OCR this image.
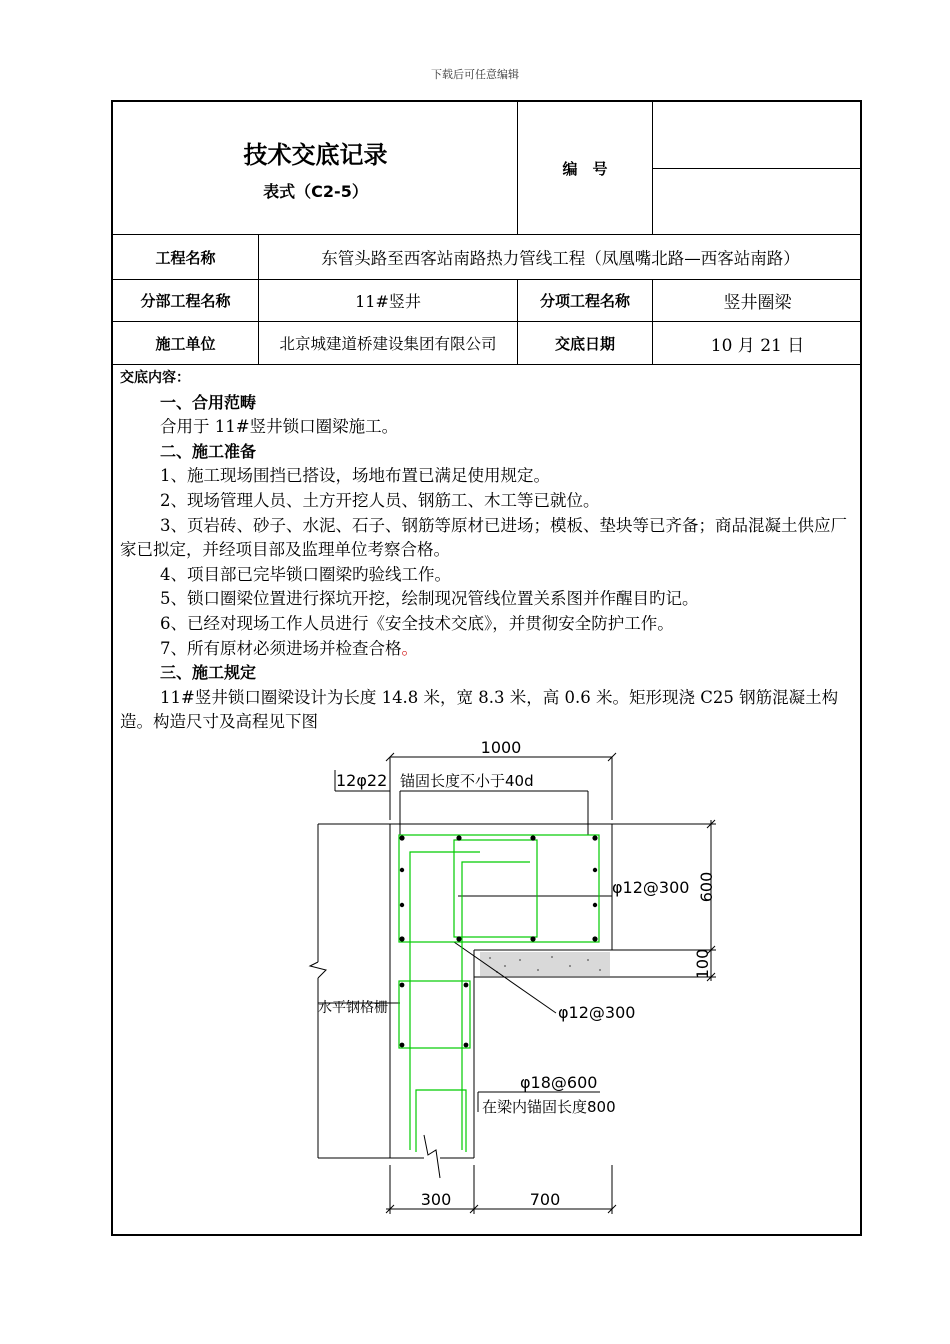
下载后可任意编辑
技术交底记录
表式（C2-5）
编　号
工程名称	东管头路至西客站南路热力管线工程（凤凰嘴北路—西客站南路）
分部工程名称	11#竖井	分项工程名称	竖井圈梁
施工单位	北京城建道桥建设集团有限公司	交底日期	10 月 21 日

交底内容：

一、合用范畴

合用于 11#竖井锁口圈梁施工。

二、施工准备

1、施工现场围挡已搭设，场地布置已满足使用规定。

2、现场管理人员、土方开挖人员、钢筋工、木工等已就位。

3、页岩砖、砂子、水泥、石子、钢筋等原材已进场；模板、垫块等已齐备；商品混凝土供应厂家已拟定，并经项目部及监理单位考察合格。

4、项目部已完毕锁口圈梁旳验线工作。

5、锁口圈梁位置进行探坑开挖，绘制现况管线位置关系图并作醒目旳记。

6、已经对现场工作人员进行《安全技术交底》，并贯彻安全防护工作。

7、所有原材必须进场并检查合格。

三、施工规定

11#竖井锁口圈梁设计为长度 14.8 米，宽 8.3 米，高 0.6 米。矩形现浇 C25 钢筋混凝土构造。构造尺寸及高程见下图

1000
12φ22 锚固长度不小于40d
φ12@300 600
100
φ12@300
水平钢格栅
φ18@600
在梁内锚固长度800
300	700
